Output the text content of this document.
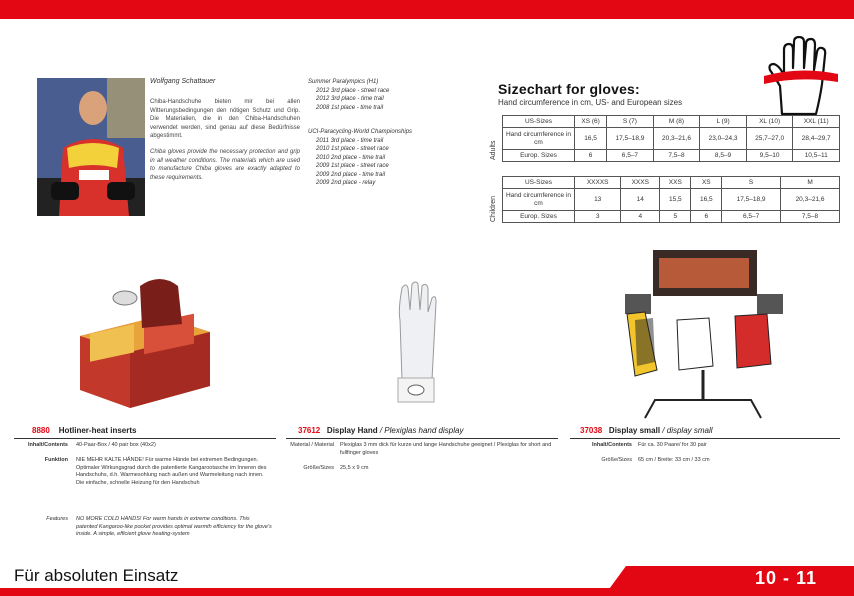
Wolfgang Schattauer
Chiba-Handschuhe bieten mir bei allen Witterungsbedingungen den nötigen Schutz und Grip. Die Materialien, die in den Chiba-Handschuhen verwendet werden, sind genau auf diese Bedürfnisse abgestimmt.
Chiba gloves provide the necessary protection and grip in all weather conditions. The materials which are used to manufacture Chiba gloves are exactly adapted to these requirements.
Summer Paralympics (H1)
2012 3rd place - street race
2012 3rd place - time trail
2008 1st place - time trail
UCI-Paracycling-World Championships
2011 3rd place - time trail
2010 1st place - street race
2010 2nd place - time trail
2009 1st place - street race
2009 2nd place - time trail
2009 2nd place - relay
Sizechart for gloves:
Hand circumference in cm, US- and European sizes
Adults
US-Sizes	XS (6)	S (7)	M (8)	L (9)	XL (10)	XXL (11)
Hand circumference in cm	16,5	17,5–18,9	20,3–21,6	23,0–24,3	25,7–27,0	28,4–29,7
Europ. Sizes	6	6,5–7	7,5–8	8,5–9	9,5–10	10,5–11
Children
US-Sizes	XXXXS	XXXS	XXS	XS	S	M
Hand circumference in cm	13	14	15,5	16,5	17,5–18,9	20,3–21,6
Europ. Sizes	3	4	5	6	6,5–7	7,5–8
8880 Hotliner-heat inserts
Inhalt/Contents 40-Paar-Box / 40 pair box (40x2)
Funktion NIE MEHR KALTE HÄNDE! Für warme Hände bei extremen Bedingungen. Optimaler Wirkungsgrad durch die patentierte Kangarootasche im Inneren des Handschuhs, d.h. Warmesohlung nach außen und Warmeleitung nach innen. Die einfache, schnelle Heizung für den Handschuh
Features NO MORE COLD HANDS! For warm hands in extreme conditions. This patented Kangaroo-like pocket provides optimal warmth efficiency for the glove's inside. A simple, efficient glove heating-system
37612 Display Hand / Plexiglas hand display
Material / Material Plexiglas 3 mm dick für kurze und lange Handschuhe geeignet / Plexiglas for short and fullfinger gloves
Größe/Sizes 25,5 x 9 cm
37038 Display small / display small
Inhalt/Contents Für ca. 30 Paare/ for 30 pair
Größe/Sizes 65 cm / Breite: 33 cm / 33 cm
Für absoluten Einsatz	10 - 11
